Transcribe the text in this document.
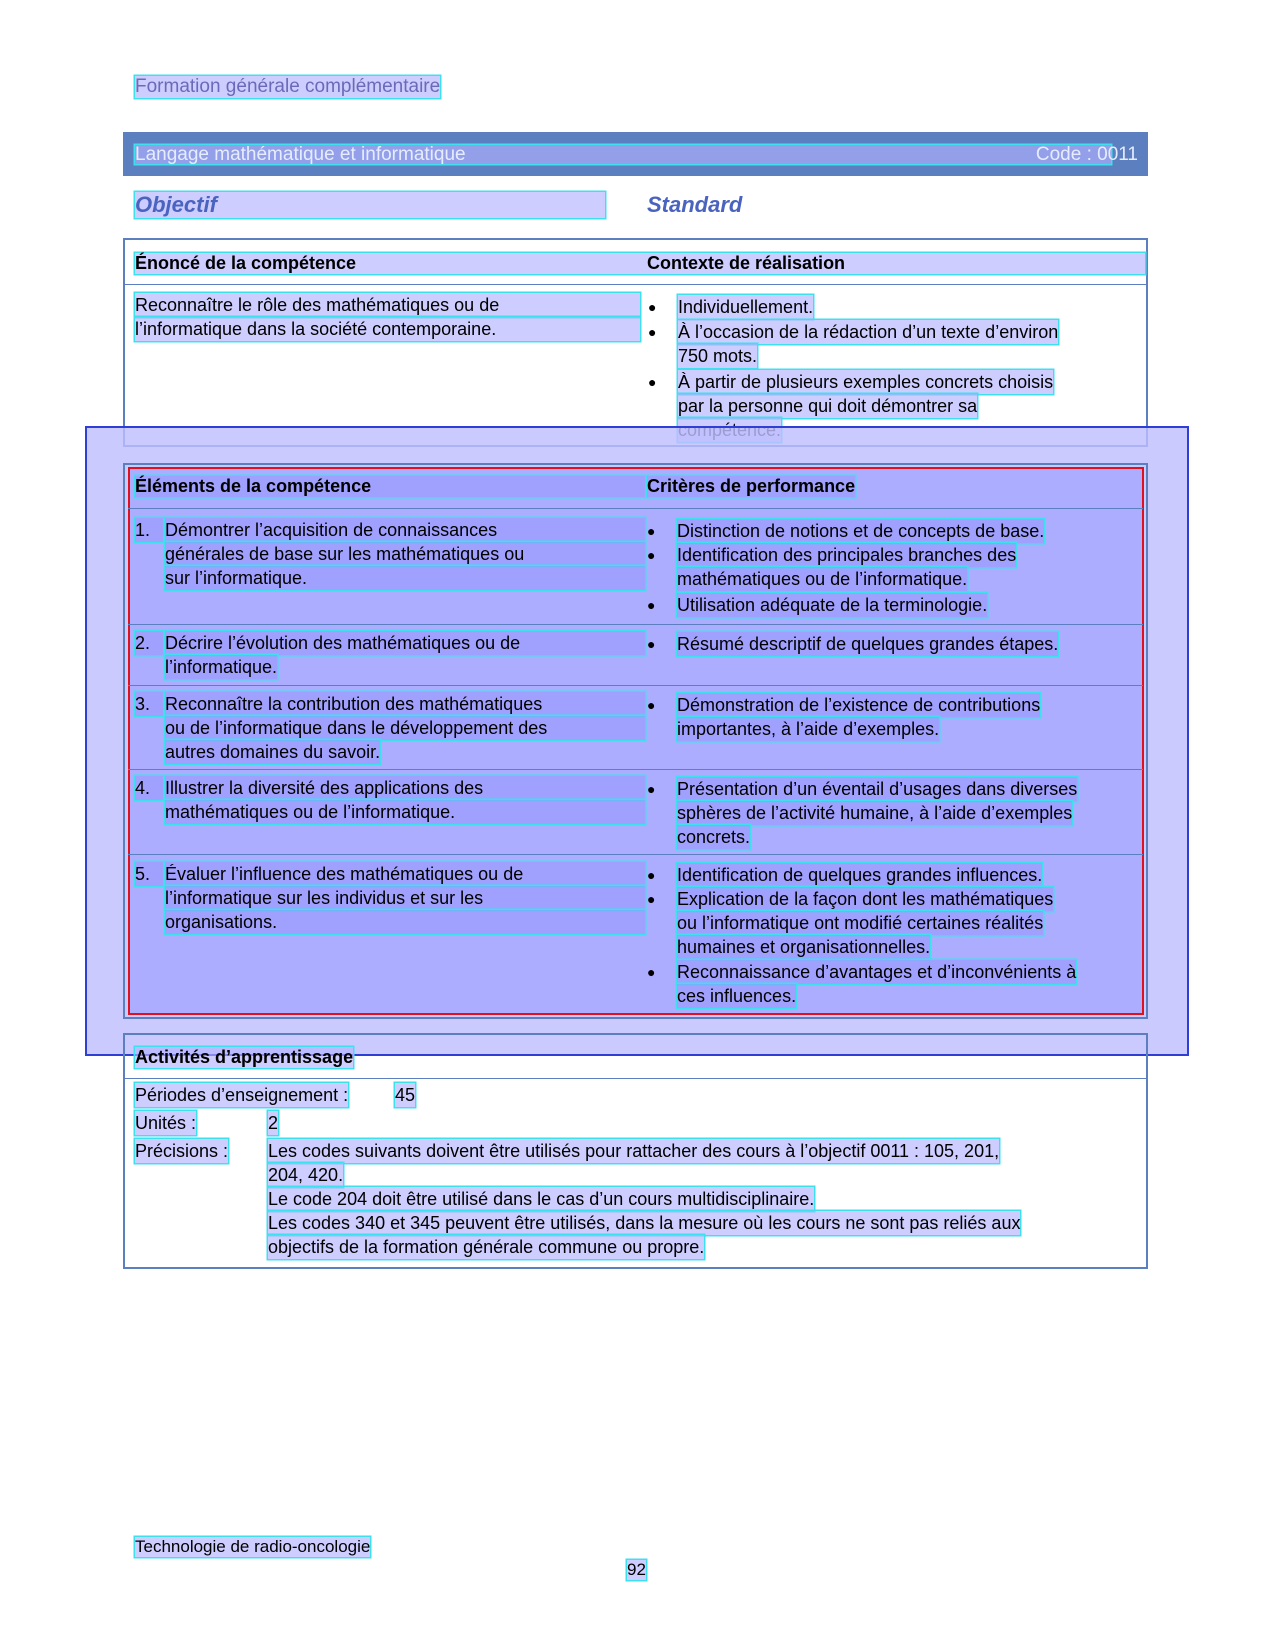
Formation générale complémentaire
Langage mathématique et informatique	Code : 0011
Objectif	Standard
Énoncé de la compétence	Contexte de réalisation
Reconnaître le rôle des mathématiques ou de
l’informatique dans la société contemporaine.
● Individuellement.
● À l’occasion de la rédaction d’un texte d’environ
750 mots.
● À partir de plusieurs exemples concrets choisis
par la personne qui doit démontrer sa
Éléments de la compétence	Critères de performance
1. Démontrer l’acquisition de connaissances
générales de base sur les mathématiques ou
sur l’informatique.
● Distinction de notions et de concepts de base.
● Identification des principales branches des
mathématiques ou de l’informatique.
● Utilisation adéquate de la terminologie.
2. Décrire l’évolution des mathématiques ou de
l’informatique.
● Résumé descriptif de quelques grandes étapes.
3. Reconnaître la contribution des mathématiques
ou de l’informatique dans le développement des
autres domaines du savoir.
● Démonstration de l’existence de contributions
importantes, à l’aide d’exemples.
4. Illustrer la diversité des applications des
mathématiques ou de l’informatique.
● Présentation d’un éventail d’usages dans diverses
sphères de l’activité humaine, à l’aide d’exemples
concrets.
5. Évaluer l’influence des mathématiques ou de
l’informatique sur les individus et sur les
organisations.
● Identification de quelques grandes influences.
● Explication de la façon dont les mathématiques
ou l’informatique ont modifié certaines réalités
humaines et organisationnelles.
● Reconnaissance d’avantages et d’inconvénients à
ces influences.
Activités d’apprentissage
Périodes d’enseignement :	45
Unités :	2
Précisions : Les codes suivants doivent être utilisés pour rattacher des cours à l’objectif 0011 : 105, 201,
204, 420.
Le code 204 doit être utilisé dans le cas d’un cours multidisciplinaire.
Les codes 340 et 345 peuvent être utilisés, dans la mesure où les cours ne sont pas reliés aux
objectifs de la formation générale commune ou propre.
Technologie de radio-oncologie
92
